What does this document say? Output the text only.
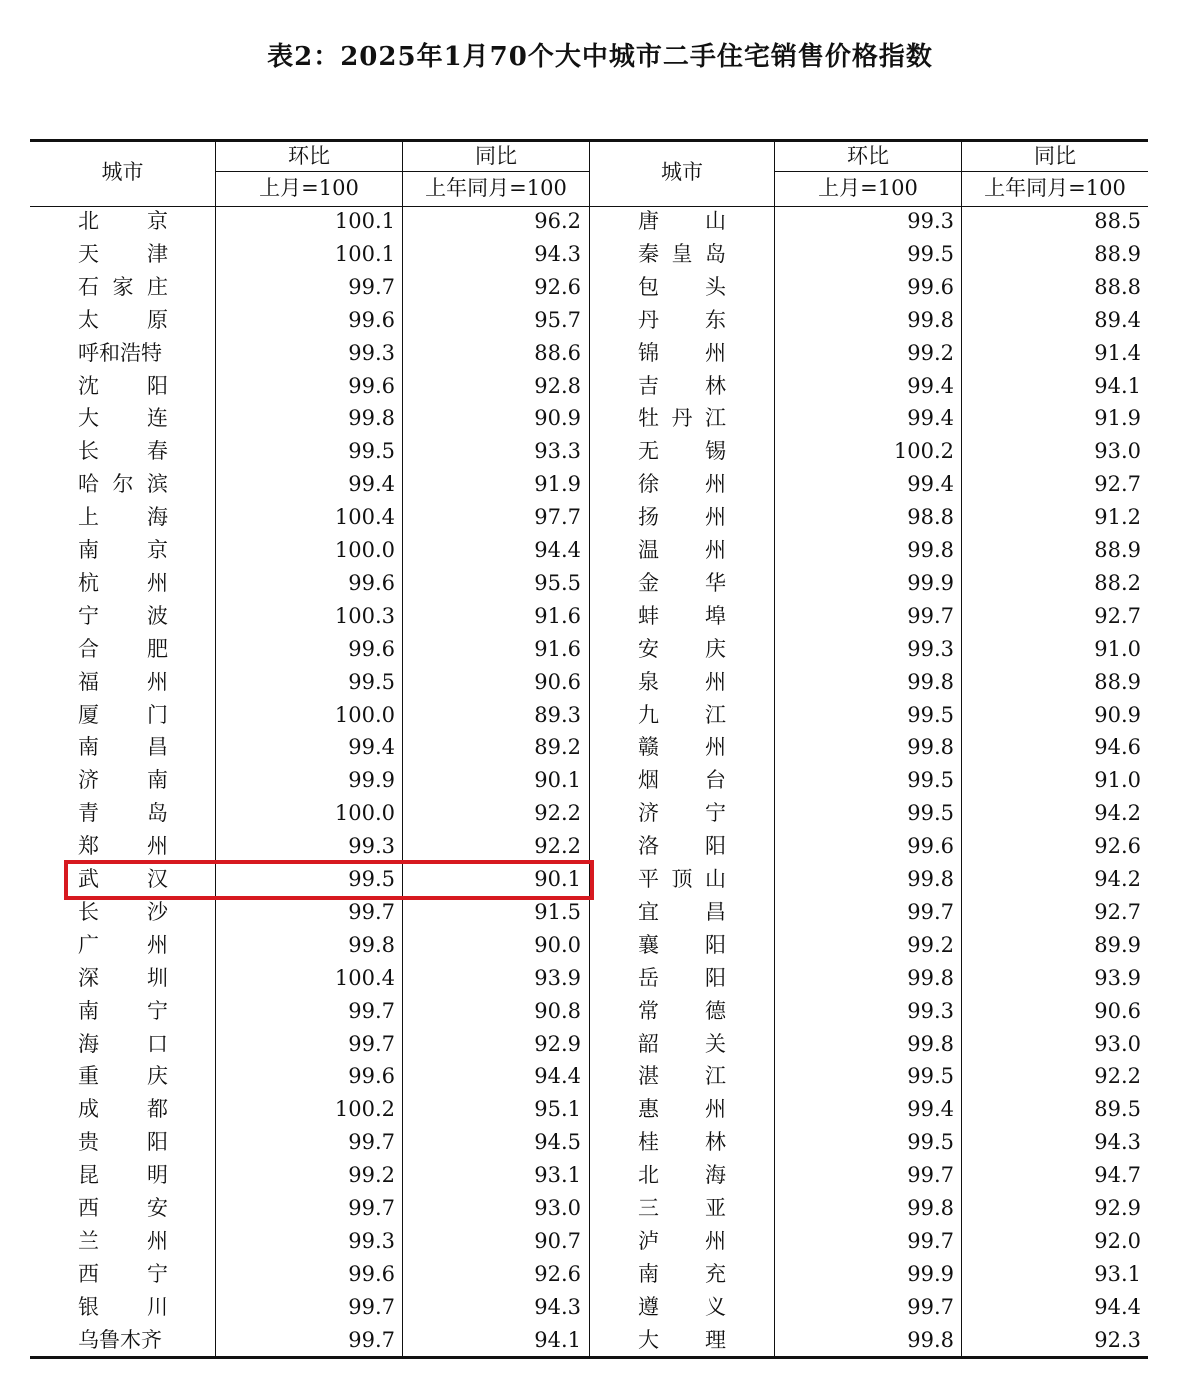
表2：2025年1月70个大中城市二手住宅销售价格指数
城市
环比	同比
上月=100	上年同月=100
城市
环比	同比
上月=100	上年同月=100
北 京	100.1	96.2
天 津	100.1	94.3
石 家 庄	99.7	92.6
太 原	99.6	95.7
呼和浩特	99.3	88.6
沈 阳	99.6	92.8
大 连	99.8	90.9
长 春	99.5	93.3
哈 尔 滨	99.4	91.9
上 海	100.4	97.7
南 京	100.0	94.4
杭 州	99.6	95.5
宁 波	100.3	91.6
合 肥	99.6	91.6
福 州	99.5	90.6
厦 门	100.0	89.3
南 昌	99.4	89.2
济 南	99.9	90.1
青 岛	100.0	92.2
郑 州	99.3	92.2
武 汉	99.5	90.1
长 沙	99.7	91.5
广 州	99.8	90.0
深 圳	100.4	93.9
南 宁	99.7	90.8
海 口	99.7	92.9
重 庆	99.6	94.4
成 都	100.2	95.1
贵 阳	99.7	94.5
昆 明	99.2	93.1
西 安	99.7	93.0
兰 州	99.3	90.7
西 宁	99.6	92.6
银 川	99.7	94.3
乌鲁木齐	99.7	94.1
唐 山	99.3	88.5
秦 皇 岛	99.5	88.9
包 头	99.6	88.8
丹 东	99.8	89.4
锦 州	99.2	91.4
吉 林	99.4	94.1
牡 丹 江	99.4	91.9
无 锡	100.2	93.0
徐 州	99.4	92.7
扬 州	98.8	91.2
温 州	99.8	88.9
金 华	99.9	88.2
蚌 埠	99.7	92.7
安 庆	99.3	91.0
泉 州	99.8	88.9
九 江	99.5	90.9
赣 州	99.8	94.6
烟 台	99.5	91.0
济 宁	99.5	94.2
洛 阳	99.6	92.6
平 顶 山	99.8	94.2
宜 昌	99.7	92.7
襄 阳	99.2	89.9
岳 阳	99.8	93.9
常 德	99.3	90.6
韶 关	99.8	93.0
湛 江	99.5	92.2
惠 州	99.4	89.5
桂 林	99.5	94.3
北 海	99.7	94.7
三 亚	99.8	92.9
泸 州	99.7	92.0
南 充	99.9	93.1
遵 义	99.7	94.4
大 理	99.8	92.3
